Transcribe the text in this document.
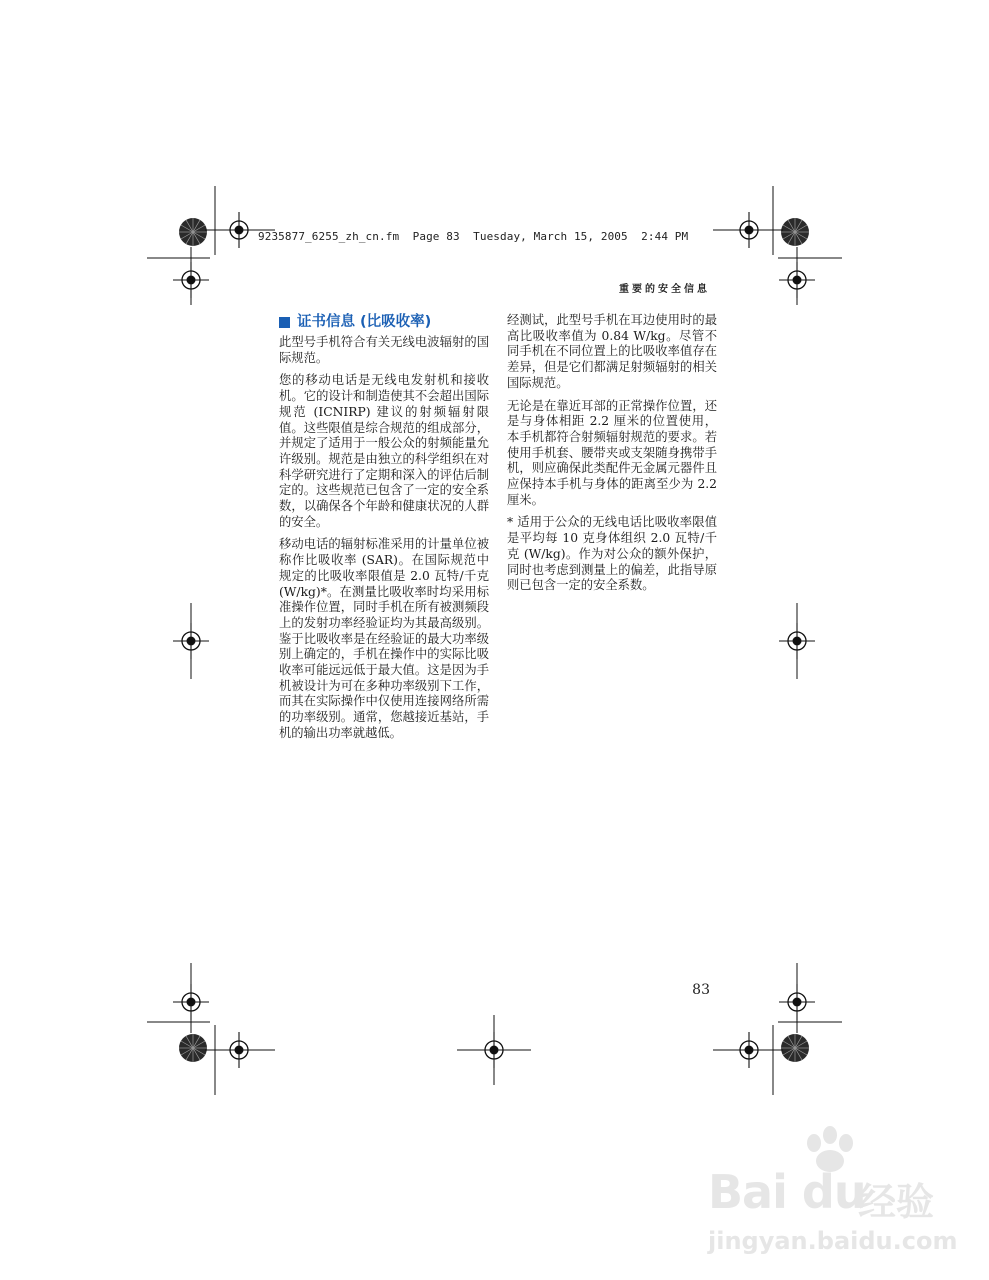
9235877_6255_zh_cn.fm  Page 83  Tuesday, March 15, 2005  2:44 PM
重要的安全信息
证书信息 (比吸收率)

此型号手机符合有关无线电波辐射的国际规范。

您的移动电话是无线电发射机和接收机。它的设计和制造使其不会超出国际规范 (ICNIRP) 建议的射频辐射限值。这些限值是综合规范的组成部分，并规定了适用于一般公众的射频能量允许级别。规范是由独立的科学组织在对科学研究进行了定期和深入的评估后制定的。这些规范已包含了一定的安全系数，以确保各个年龄和健康状况的人群的安全。

移动电话的辐射标准采用的计量单位被称作比吸收率 (SAR)。在国际规范中规定的比吸收率限值是 2.0 瓦特/千克 (W/kg)*。在测量比吸收率时均采用标准操作位置，同时手机在所有被测频段上的发射功率经验证均为其最高级别。鉴于比吸收率是在经验证的最大功率级别上确定的，手机在操作中的实际比吸收率可能远远低于最大值。这是因为手机被设计为可在多种功率级别下工作，而其在实际操作中仅使用连接网络所需的功率级别。通常，您越接近基站，手机的输出功率就越低。

经测试，此型号手机在耳边使用时的最高比吸收率值为 0.84 W/kg。尽管不同手机在不同位置上的比吸收率值存在差异，但是它们都满足射频辐射的相关国际规范。

无论是在靠近耳部的正常操作位置，还是与身体相距 2.2 厘米的位置使用，本手机都符合射频辐射规范的要求。若使用手机套、腰带夹或支架随身携带手机，则应确保此类配件无金属元器件且应保持本手机与身体的距离至少为 2.2 厘米。

* 适用于公众的无线电话比吸收率限值是平均每 10 克身体组织 2.0 瓦特/千克 (W/kg)。作为对公众的额外保护，同时也考虑到测量上的偏差，此指导原则已包含一定的安全系数。

83
Bai du
经验
jingyan.baidu.com
